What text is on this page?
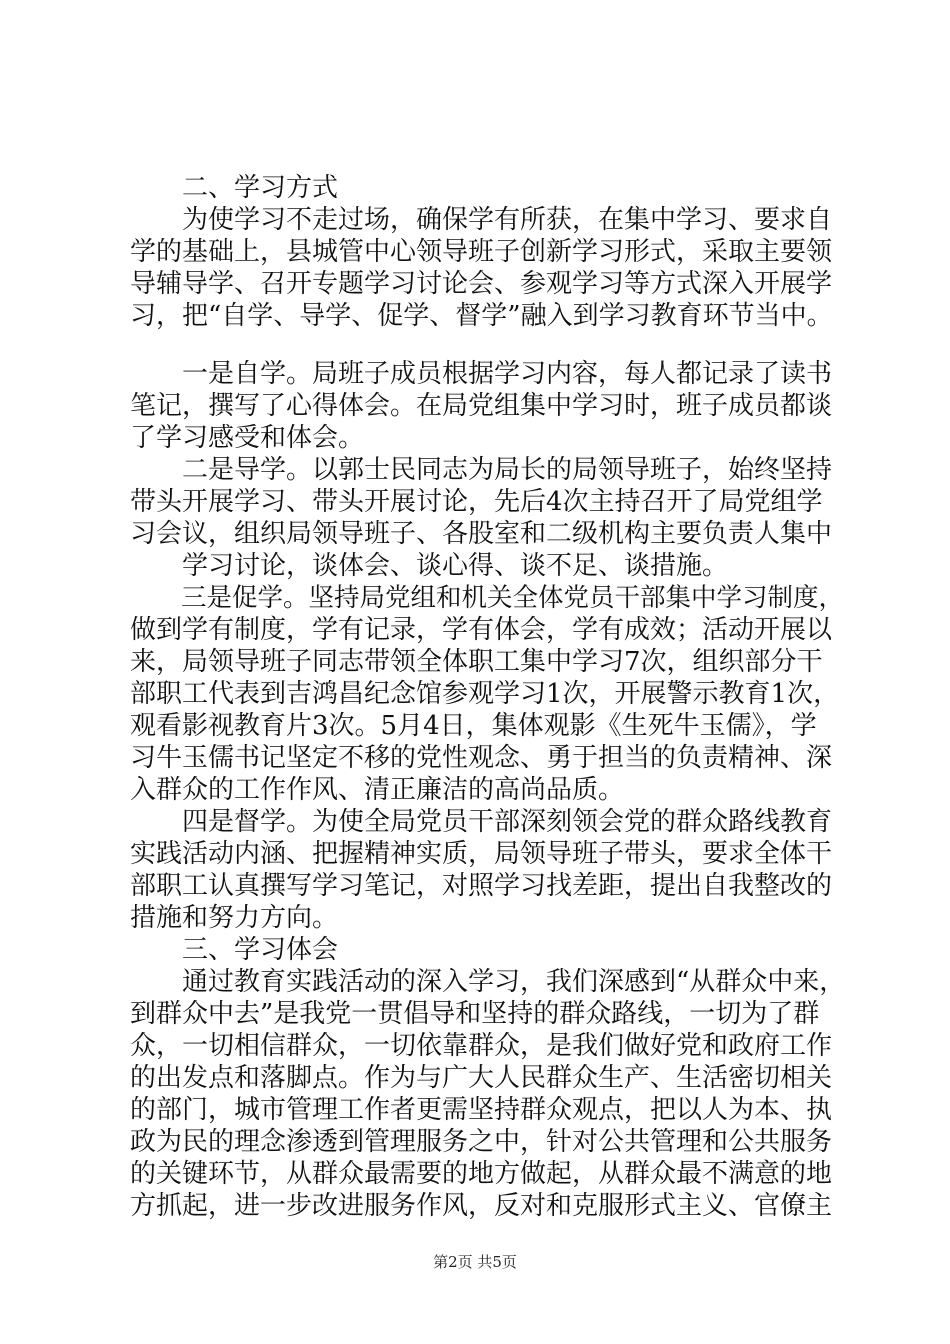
　　二、学习方式
　　为使学习不走过场，确保学有所获，在集中学习、要求自
学的基础上，县城管中心领导班子创新学习形式，采取主要领
导辅导学、召开专题学习讨论会、参观学习等方式深入开展学
习，把“自学、导学、促学、督学”融入到学习教育环节当中。
　　一是自学。局班子成员根据学习内容，每人都记录了读书
笔记，撰写了心得体会。在局党组集中学习时，班子成员都谈
了学习感受和体会。
　　二是导学。以郭士民同志为局长的局领导班子，始终坚持
带头开展学习、带头开展讨论，先后4次主持召开了局党组学
习会议，组织局领导班子、各股室和二级机构主要负责人集中
　　学习讨论，谈体会、谈心得、谈不足、谈措施。
　　三是促学。坚持局党组和机关全体党员干部集中学习制度，
做到学有制度，学有记录，学有体会，学有成效；活动开展以
来，局领导班子同志带领全体职工集中学习7次，组织部分干
部职工代表到吉鸿昌纪念馆参观学习1次，开展警示教育1次，
观看影视教育片3次。5月4日，集体观影《生死牛玉儒》，学
习牛玉儒书记坚定不移的党性观念、勇于担当的负责精神、深
入群众的工作作风、清正廉洁的高尚品质。
　　四是督学。为使全局党员干部深刻领会党的群众路线教育
实践活动内涵、把握精神实质，局领导班子带头，要求全体干
部职工认真撰写学习笔记，对照学习找差距，提出自我整改的
措施和努力方向。
　　三、学习体会
　　通过教育实践活动的深入学习，我们深感到“从群众中来，
到群众中去”是我党一贯倡导和坚持的群众路线，一切为了群
众，一切相信群众，一切依靠群众，是我们做好党和政府工作
的出发点和落脚点。作为与广大人民群众生产、生活密切相关
的部门，城市管理工作者更需坚持群众观点，把以人为本、执
政为民的理念渗透到管理服务之中，针对公共管理和公共服务
的关键环节，从群众最需要的地方做起，从群众最不满意的地
方抓起，进一步改进服务作风，反对和克服形式主义、官僚主
第2页 共5页
